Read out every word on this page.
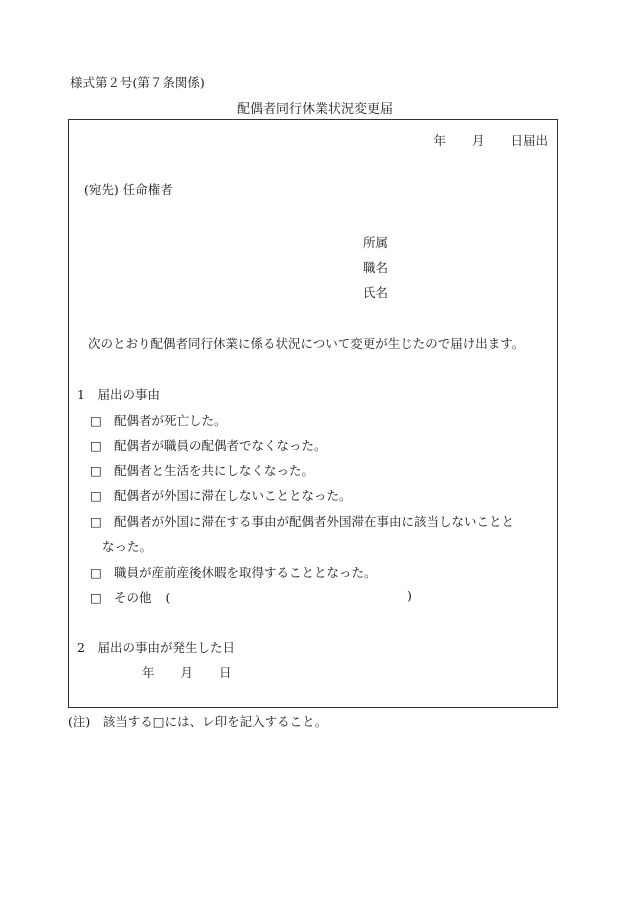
様式第２号(第７条関係)
配偶者同行休業状況変更届
年 月 日届出
(宛先) 任命権者
所属
職名
氏名
次のとおり配偶者同行休業に係る状況について変更が生じたので届け出ます。
1　届出の事由
□ 配偶者が死亡した。
□ 配偶者が職員の配偶者でなくなった。
□ 配偶者と生活を共にしなくなった。
□ 配偶者が外国に滞在しないこととなった。
□ 配偶者が外国に滞在する事由が配偶者外国滞在事由に該当しないことと
なった。
□ 職員が産前産後休暇を取得することとなった。
□ その他 (	)
2　届出の事由が発生した日
年 月 日
(注)　該当する□には、レ印を記入すること。
